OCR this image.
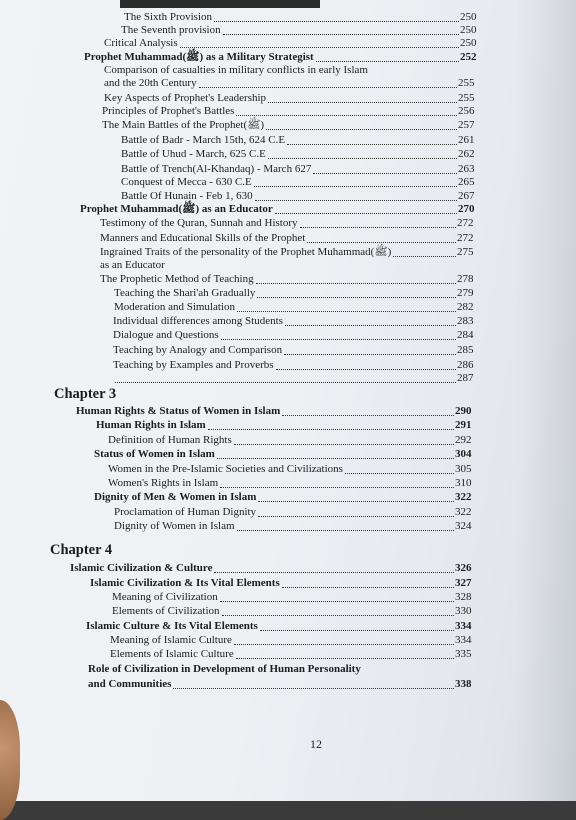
The Sixth Provision	250
The Seventh provision	250
Critical Analysis	250
Prophet Muhammad(ﷺ) as a Military Strategist	252
Comparison of casualties in military conflicts in early Islam
and the 20th Century	255
Key Aspects of Prophet's Leadership	255
Principles of Prophet's Battles	256
The Main Battles of the Prophet(ﷺ)	257
Battle of Badr - March 15th, 624 C.E	261
Battle of Uhud - March, 625 C.E	262
Battle of Trench(Al-Khandaq) - March 627	263
Conquest of Mecca - 630 C.E	265
Battle Of Hunain - Feb 1, 630	267
Prophet Muhammad(ﷺ) as an Educator	270
Testimony of the Quran, Sunnah and History	272
Manners and Educational Skills of the Prophet	272
Ingrained Traits of the personality of the Prophet Muhammad(ﷺ)	275
as an Educator
The Prophetic Method of Teaching	278
Teaching the Shari'ah Gradually	279
Moderation and Simulation	282
Individual differences among Students	283
Dialogue and Questions	284
Teaching by Analogy and Comparison	285
Teaching by Examples and Proverbs	286
287
Human Rights & Status of Women in Islam	290
Human Rights in Islam	291
Definition of Human Rights	292
Status of Women in Islam	304
Women in the Pre-Islamic Societies and Civilizations	305
Women's Rights in Islam	310
Dignity of Men & Women in Islam	322
Proclamation of Human Dignity	322
Dignity of Women in Islam	324
Islamic Civilization & Culture	326
Islamic Civilization & Its Vital Elements	327
Meaning of Civilization	328
Elements of Civilization	330
Islamic Culture & Its Vital Elements	334
Meaning of Islamic Culture	334
Elements of Islamic Culture	335
Role of Civilization in Development of Human Personality
and Communities	338
Chapter 3
Chapter 4
12
